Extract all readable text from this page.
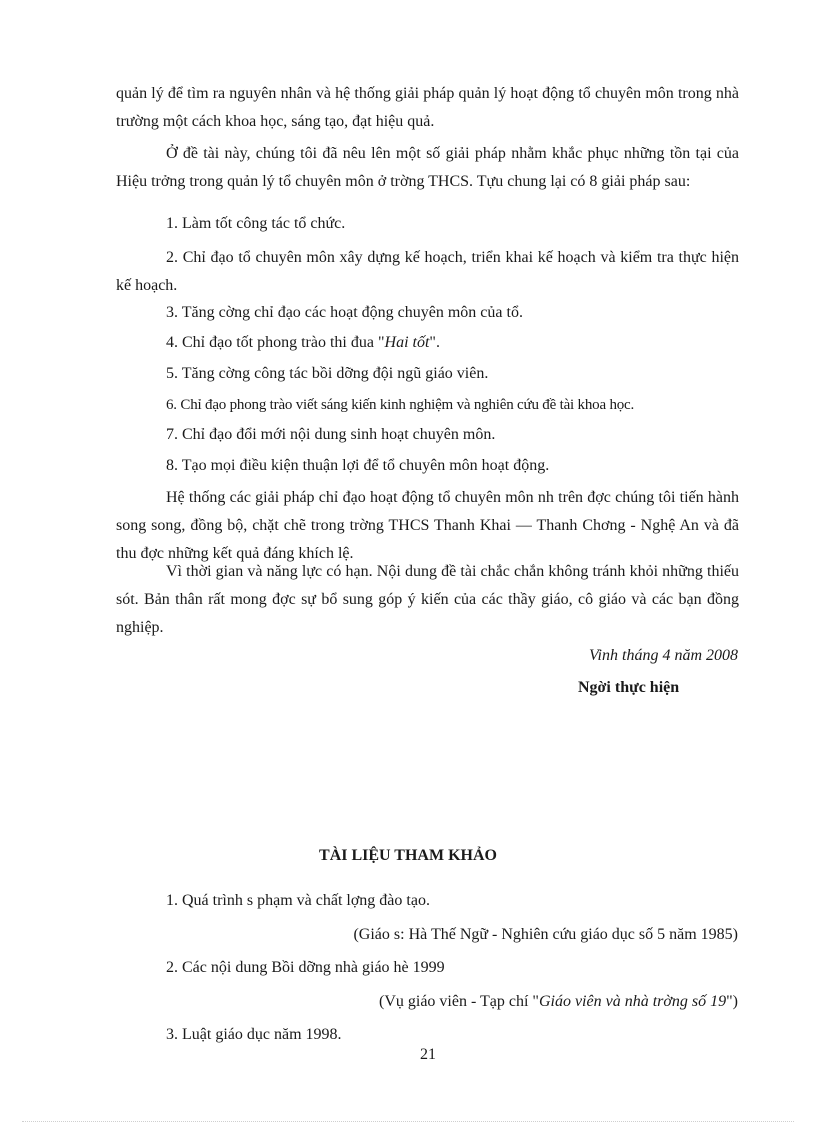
quản lý để tìm ra nguyên nhân và hệ thống giải pháp quản lý hoạt động tổ chuyên môn trong nhà trường một cách khoa học, sáng tạo, đạt hiệu quả.

Ở đề tài này, chúng tôi đã nêu lên một số giải pháp nhằm khắc phục những tồn tại của Hiệu trởng trong quản lý tổ chuyên môn ở trờng THCS. Tựu chung lại có 8 giải pháp sau:

1. Làm tốt công tác tổ chức.

2. Chỉ đạo tổ chuyên môn xây dựng kế hoạch, triển khai kế hoạch và kiểm tra thực hiện kế hoạch.

3. Tăng cờng chỉ đạo các hoạt động chuyên môn của tổ.

4. Chỉ đạo tốt phong trào thi đua "Hai tốt".

5. Tăng cờng công tác bồi dỡng đội ngũ giáo viên.

6. Chỉ đạo phong trào viết sáng kiến kinh nghiệm và nghiên cứu đề tài khoa học.

7. Chỉ đạo đổi mới nội dung sinh hoạt chuyên môn.

8. Tạo mọi điều kiện thuận lợi để tổ chuyên môn hoạt động.

Hệ thống các giải pháp chỉ đạo hoạt động tổ chuyên môn nh trên đợc chúng tôi tiến hành song song, đồng bộ, chặt chẽ trong trờng THCS Thanh Khai — Thanh Chơng - Nghệ An và đã thu đợc những kết quả đáng khích lệ.

Vì thời gian và năng lực có hạn. Nội dung đề tài chắc chắn không tránh khỏi những thiếu sót. Bản thân rất mong đợc sự bổ sung góp ý kiến của các thầy giáo, cô giáo và các bạn đồng nghiệp.

Vinh tháng 4 năm 2008

Ngời thực hiện

TÀI LIỆU THAM KHẢO

1. Quá trình s phạm và chất lợng đào tạo.

(Giáo s: Hà Thế Ngữ - Nghiên cứu giáo dục số 5 năm 1985)

2. Các nội dung Bồi dỡng nhà giáo hè 1999

(Vụ giáo viên - Tạp chí "Giáo viên và nhà trờng số 19")

3. Luật giáo dục năm 1998.

21
